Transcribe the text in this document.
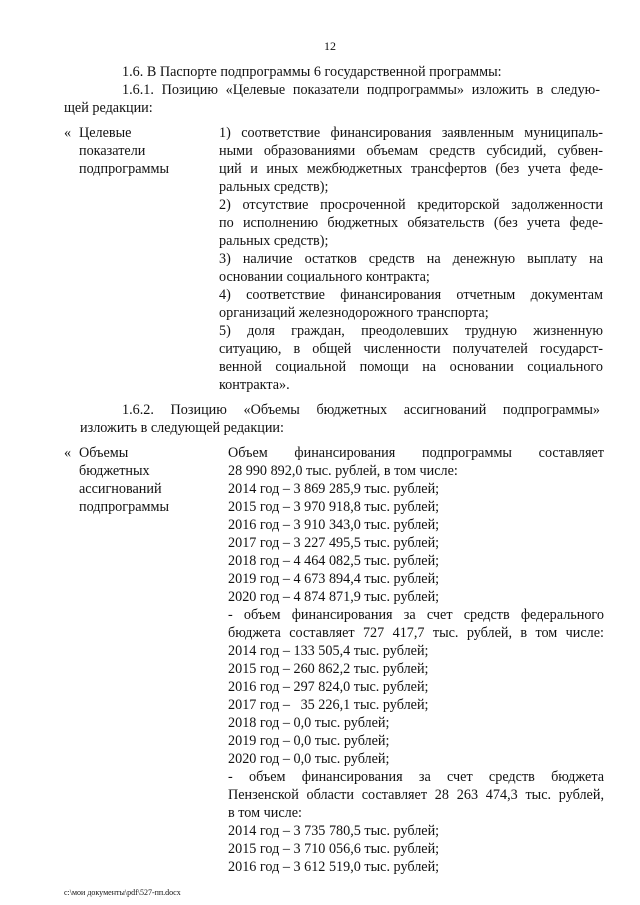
12
1.6. В Паспорте подпрограммы 6 государственной программы:
1.6.1. Позицию «Целевые показатели подпрограммы» изложить в следую-
щей редакции:
« Целевые
показатели
подпрограммы
1) соответствие финансирования заявленным муниципаль-
ными образованиями объемам средств субсидий, субвен-
ций и иных межбюджетных трансфертов (без учета феде-
ральных средств);
2) отсутствие просроченной кредиторской задолженности
по исполнению бюджетных обязательств (без учета феде-
ральных средств);
3) наличие остатков средств на денежную выплату на
основании социального контракта;
4) соответствие финансирования отчетным документам
организаций железнодорожного транспорта;
5) доля граждан, преодолевших трудную жизненную
ситуацию, в общей численности получателей государст-
венной социальной помощи на основании социального
контракта».
1.6.2. Позицию «Объемы бюджетных ассигнований подпрограммы»
изложить в следующей редакции:
« Объемы
бюджетных
ассигнований
подпрограммы
Объем финансирования подпрограммы составляет
28 990 892,0 тыс. рублей, в том числе:
2014 год – 3 869 285,9 тыс. рублей;
2015 год – 3 970 918,8 тыс. рублей;
2016 год – 3 910 343,0 тыс. рублей;
2017 год – 3 227 495,5 тыс. рублей;
2018 год – 4 464 082,5 тыс. рублей;
2019 год – 4 673 894,4 тыс. рублей;
2020 год – 4 874 871,9 тыс. рублей;
- объем финансирования за счет средств федерального
бюджета составляет 727 417,7 тыс. рублей, в том числе:
2014 год – 133 505,4 тыс. рублей;
2015 год – 260 862,2 тыс. рублей;
2016 год – 297 824,0 тыс. рублей;
2017 год –   35 226,1 тыс. рублей;
2018 год – 0,0 тыс. рублей;
2019 год – 0,0 тыс. рублей;
2020 год – 0,0 тыс. рублей;
- объем финансирования за счет средств бюджета
Пензенской области составляет 28 263 474,3 тыс. рублей,
в том числе:
2014 год – 3 735 780,5 тыс. рублей;
2015 год – 3 710 056,6 тыс. рублей;
2016 год – 3 612 519,0 тыс. рублей;
c:\мои документы\pdf\527-пп.docx
